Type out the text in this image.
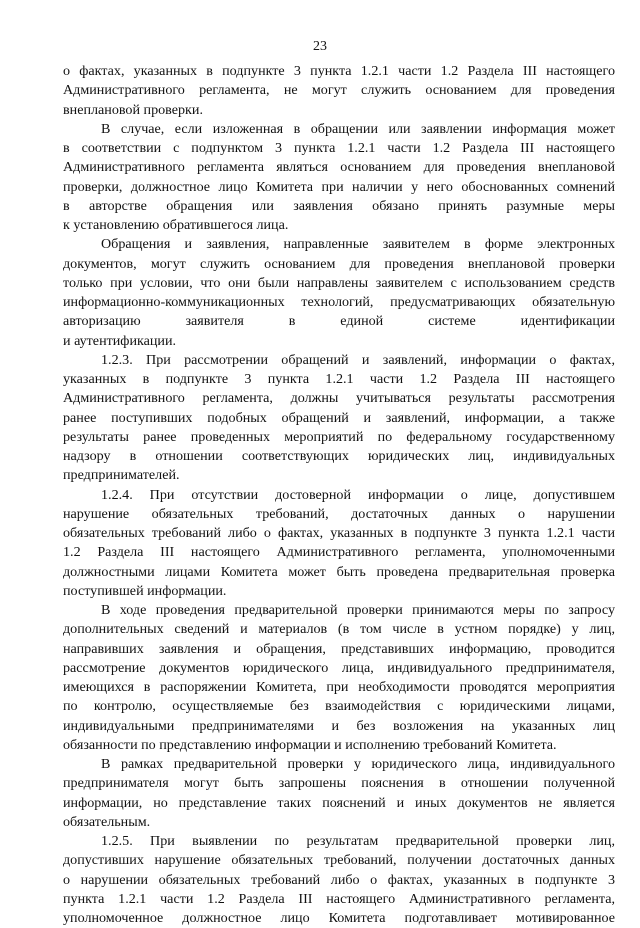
23

о фактах, указанных в подпункте 3 пункта 1.2.1 части 1.2 Раздела III настоящего
Административного регламента, не могут служить основанием для проведения
внеплановой проверки.

В случае, если изложенная в обращении или заявлении информация может
в соответствии с подпунктом 3 пункта 1.2.1 части 1.2 Раздела III настоящего
Административного регламента являться основанием для проведения внеплановой
проверки, должностное лицо Комитета при наличии у него обоснованных сомнений
в авторстве обращения или заявления обязано принять разумные меры
к установлению обратившегося лица.

Обращения и заявления, направленные заявителем в форме электронных
документов, могут служить основанием для проведения внеплановой проверки
только при условии, что они были направлены заявителем с использованием средств
информационно-коммуникационных технологий, предусматривающих обязательную
авторизацию заявителя в единой системе идентификации
и аутентификации.

1.2.3. При рассмотрении обращений и заявлений, информации о фактах,
указанных в подпункте 3 пункта 1.2.1 части 1.2 Раздела III настоящего
Административного регламента, должны учитываться результаты рассмотрения
ранее поступивших подобных обращений и заявлений, информации, а также
результаты ранее проведенных мероприятий по федеральному государственному
надзору в отношении соответствующих юридических лиц, индивидуальных
предпринимателей.

1.2.4. При отсутствии достоверной информации о лице, допустившем
нарушение обязательных требований, достаточных данных о нарушении
обязательных требований либо о фактах, указанных в подпункте 3 пункта 1.2.1 части
1.2 Раздела III настоящего Административного регламента, уполномоченными
должностными лицами Комитета может быть проведена предварительная проверка
поступившей информации.

В ходе проведения предварительной проверки принимаются меры по запросу
дополнительных сведений и материалов (в том числе в устном порядке) у лиц,
направивших заявления и обращения, представивших информацию, проводится
рассмотрение документов юридического лица, индивидуального предпринимателя,
имеющихся в распоряжении Комитета, при необходимости проводятся мероприятия
по контролю, осуществляемые без взаимодействия с юридическими лицами,
индивидуальными предпринимателями и без возложения на указанных лиц
обязанности по представлению информации и исполнению требований Комитета.

В рамках предварительной проверки у юридического лица, индивидуального
предпринимателя могут быть запрошены пояснения в отношении полученной
информации, но представление таких пояснений и иных документов не является
обязательным.

1.2.5. При выявлении по результатам предварительной проверки лиц,
допустивших нарушение обязательных требований, получении достаточных данных
о нарушении обязательных требований либо о фактах, указанных в подпункте 3
пункта 1.2.1 части 1.2 Раздела III настоящего Административного регламента,
уполномоченное должностное лицо Комитета подготавливает мотивированное
